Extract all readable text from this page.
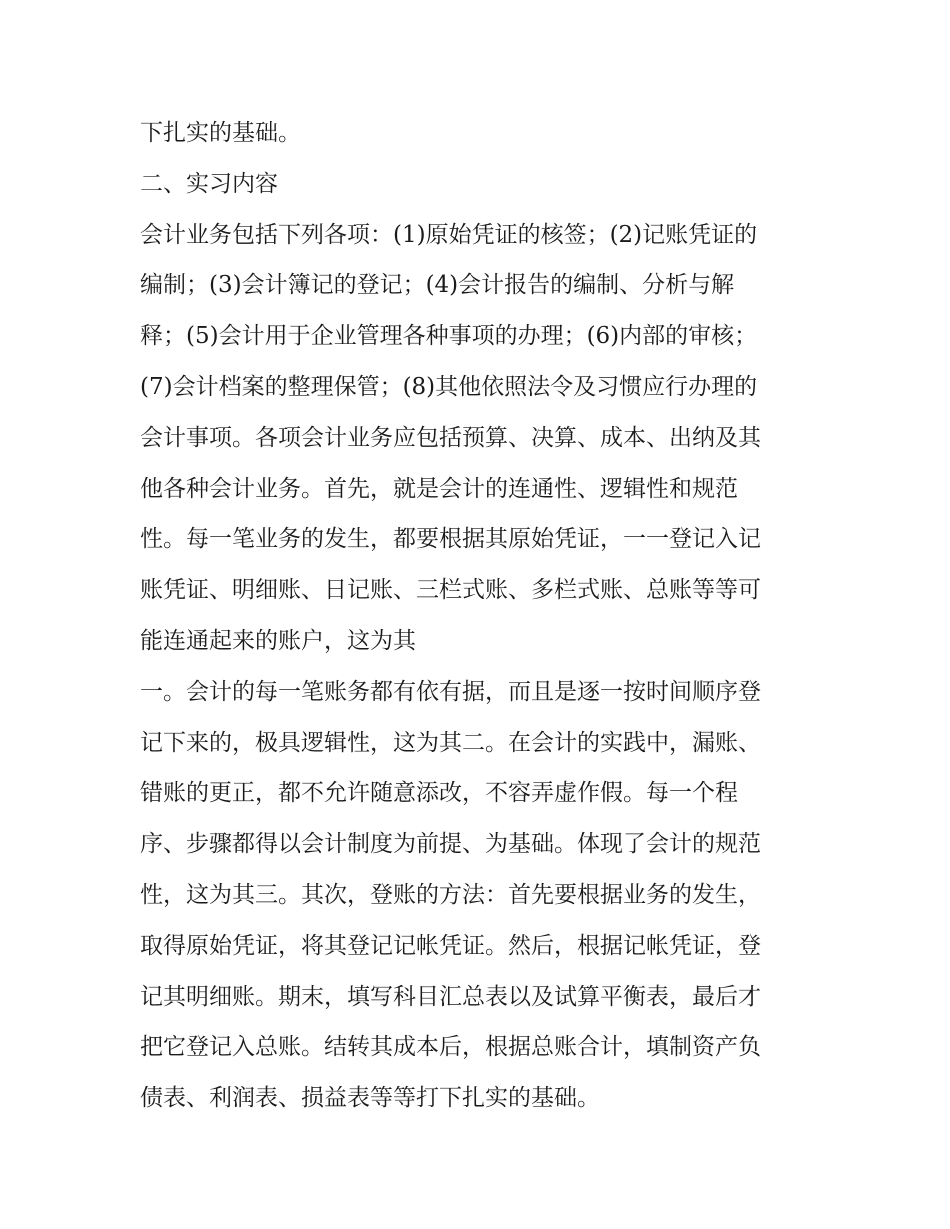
下扎实的基础。
二、实习内容
会计业务包括下列各项：(1)原始凭证的核签；(2)记账凭证的
编制；(3)会计簿记的登记；(4)会计报告的编制、分析与解
释；(5)会计用于企业管理各种事项的办理；(6)内部的审核；
(7)会计档案的整理保管；(8)其他依照法令及习惯应行办理的
会计事项。各项会计业务应包括预算、决算、成本、出纳及其
他各种会计业务。首先，就是会计的连通性、逻辑性和规范
性。每一笔业务的发生，都要根据其原始凭证，一一登记入记
账凭证、明细账、日记账、三栏式账、多栏式账、总账等等可
能连通起来的账户，这为其
一。会计的每一笔账务都有依有据，而且是逐一按时间顺序登
记下来的，极具逻辑性，这为其二。在会计的实践中，漏账、
错账的更正，都不允许随意添改，不容弄虚作假。每一个程
序、步骤都得以会计制度为前提、为基础。体现了会计的规范
性，这为其三。其次，登账的方法：首先要根据业务的发生，
取得原始凭证，将其登记记帐凭证。然后，根据记帐凭证，登
记其明细账。期末，填写科目汇总表以及试算平衡表，最后才
把它登记入总账。结转其成本后，根据总账合计，填制资产负
债表、利润表、损益表等等打下扎实的基础。
